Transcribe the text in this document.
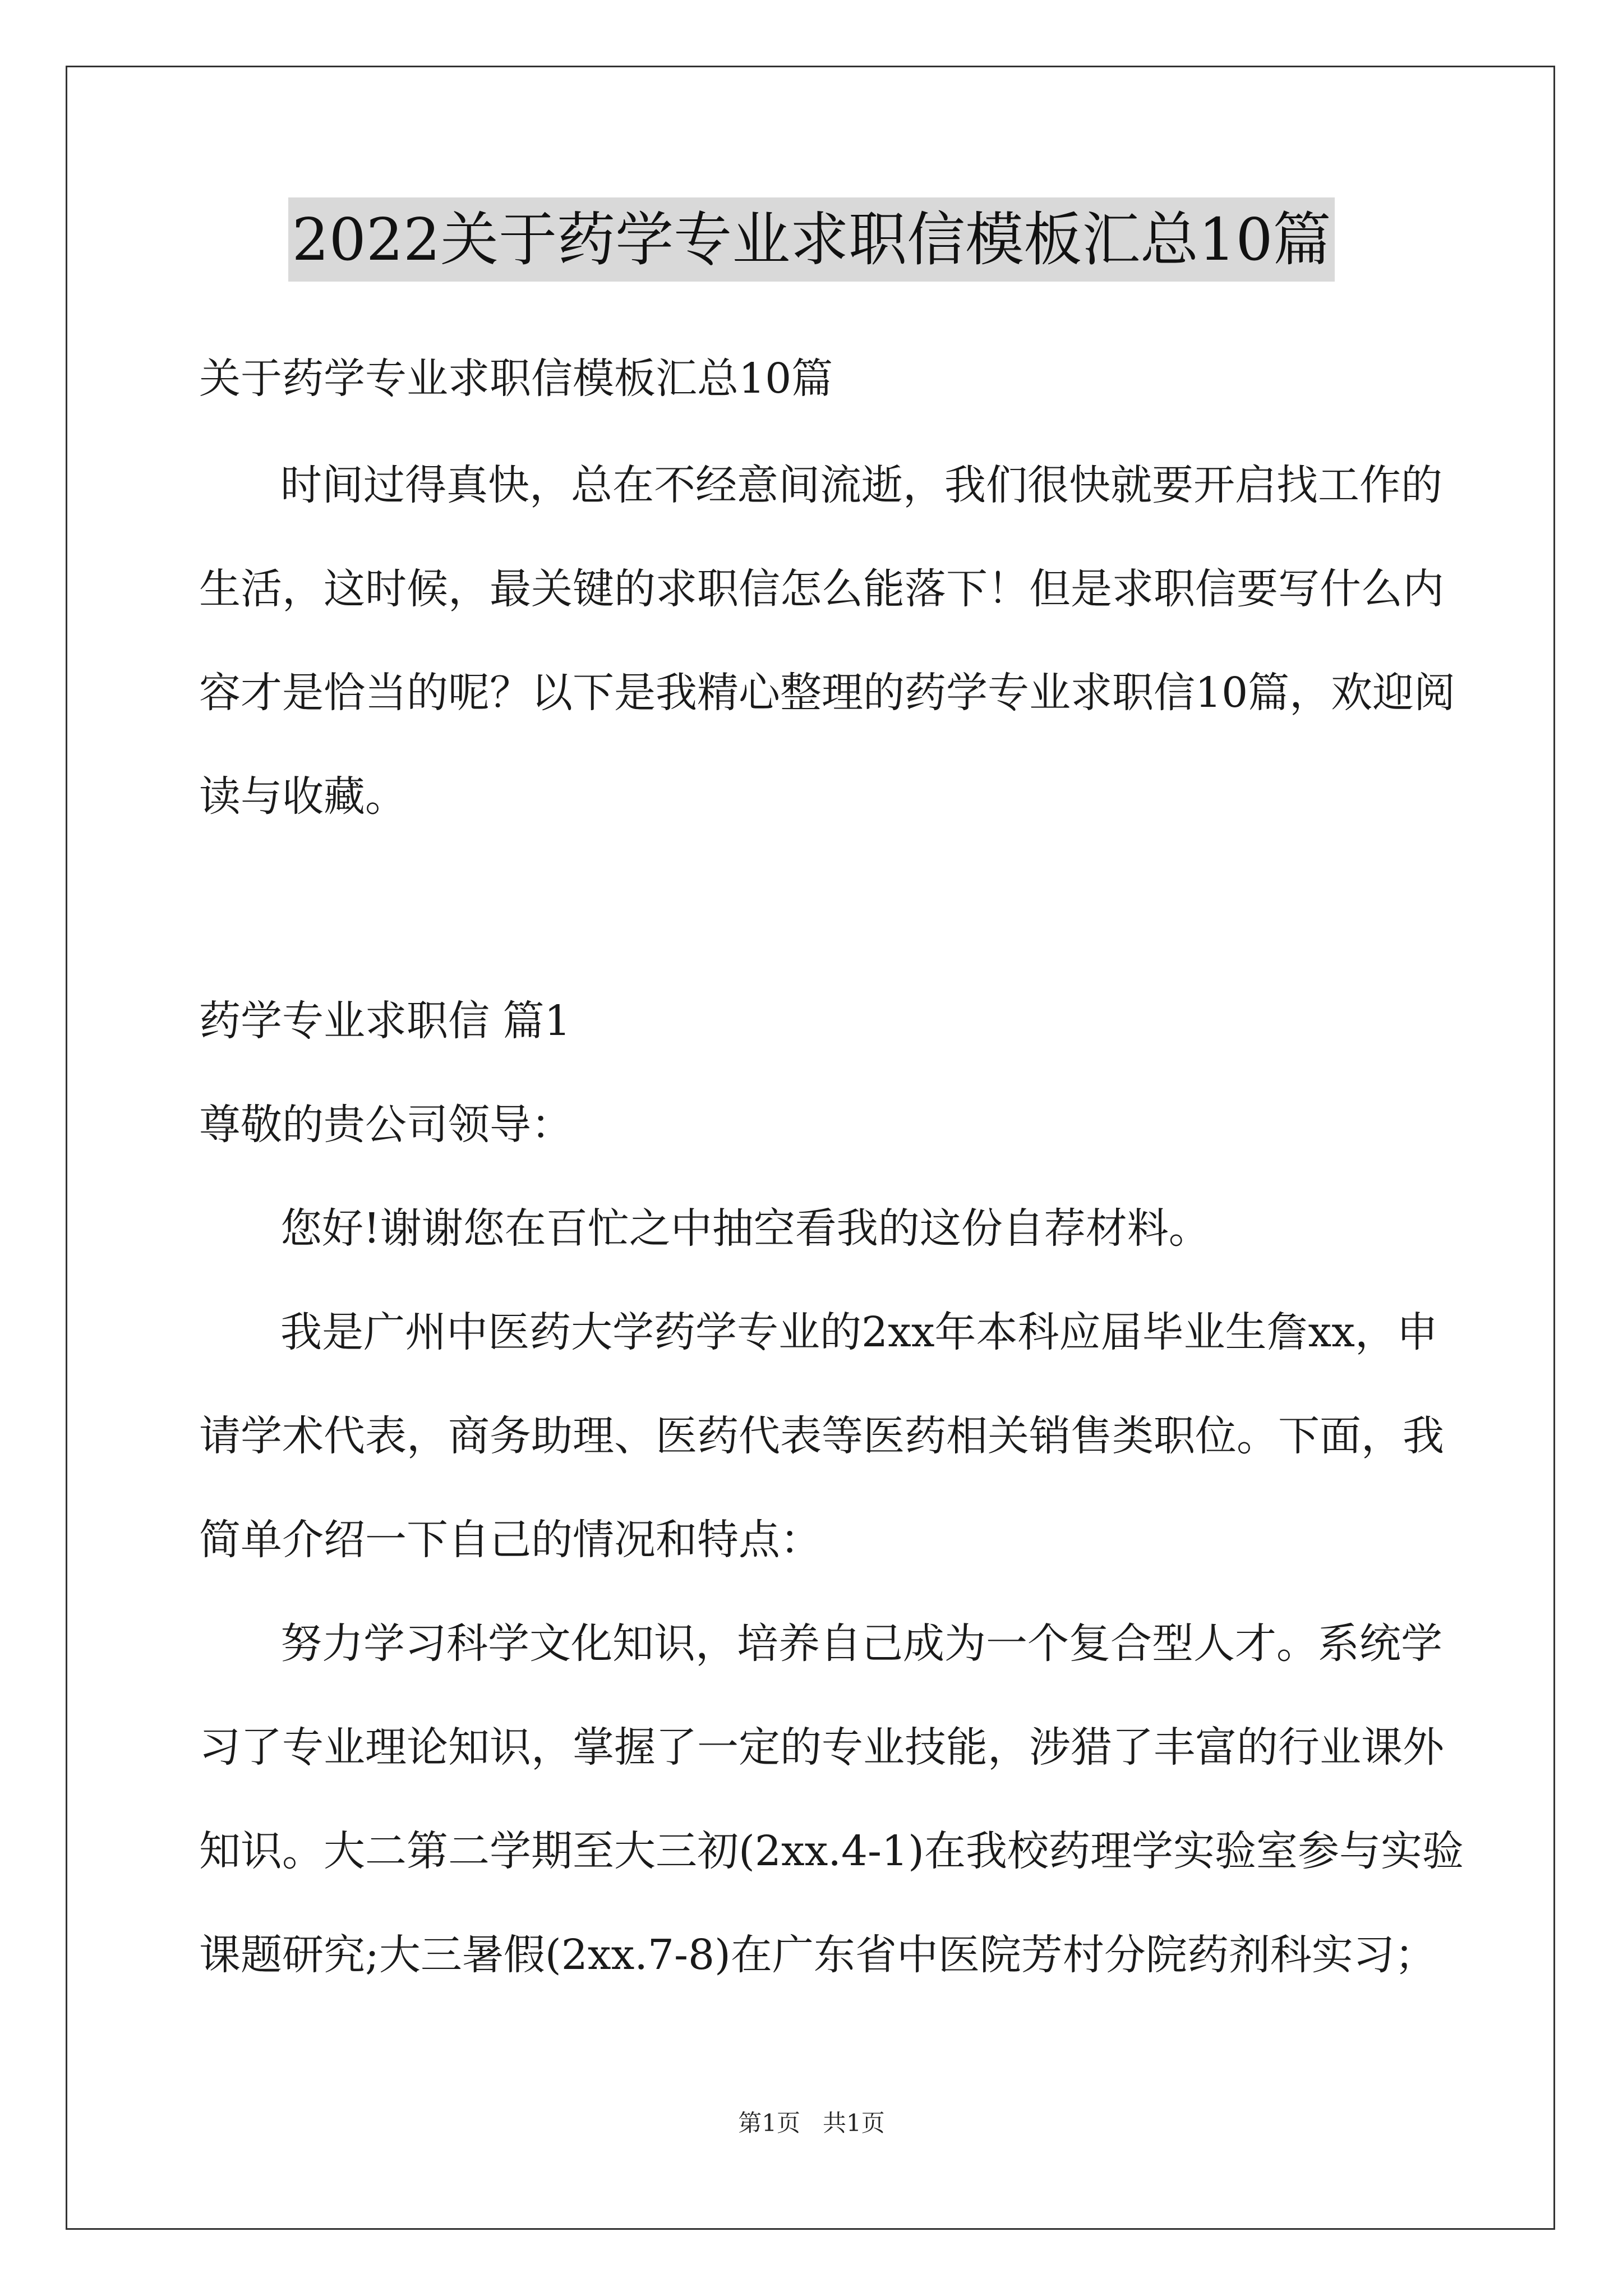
2022关于药学专业求职信模板汇总10篇
关于药学专业求职信模板汇总10篇
时间过得真快，总在不经意间流逝，我们很快就要开启找工作的
生活，这时候，最关键的求职信怎么能落下！但是求职信要写什么内
容才是恰当的呢？以下是我精心整理的药学专业求职信10篇，欢迎阅
读与收藏。
药学专业求职信 篇1
尊敬的贵公司领导：
您好!谢谢您在百忙之中抽空看我的这份自荐材料。
我是广州中医药大学药学专业的2xx年本科应届毕业生詹xx，申
请学术代表，商务助理、医药代表等医药相关销售类职位。下面，我
简单介绍一下自己的情况和特点：
努力学习科学文化知识，培养自己成为一个复合型人才。系统学
习了专业理论知识，掌握了一定的专业技能，涉猎了丰富的行业课外
知识。大二第二学期至大三初(2xx.4-1)在我校药理学实验室参与实验
课题研究;大三暑假(2xx.7-8)在广东省中医院芳村分院药剂科实习；
第1页   共1页
